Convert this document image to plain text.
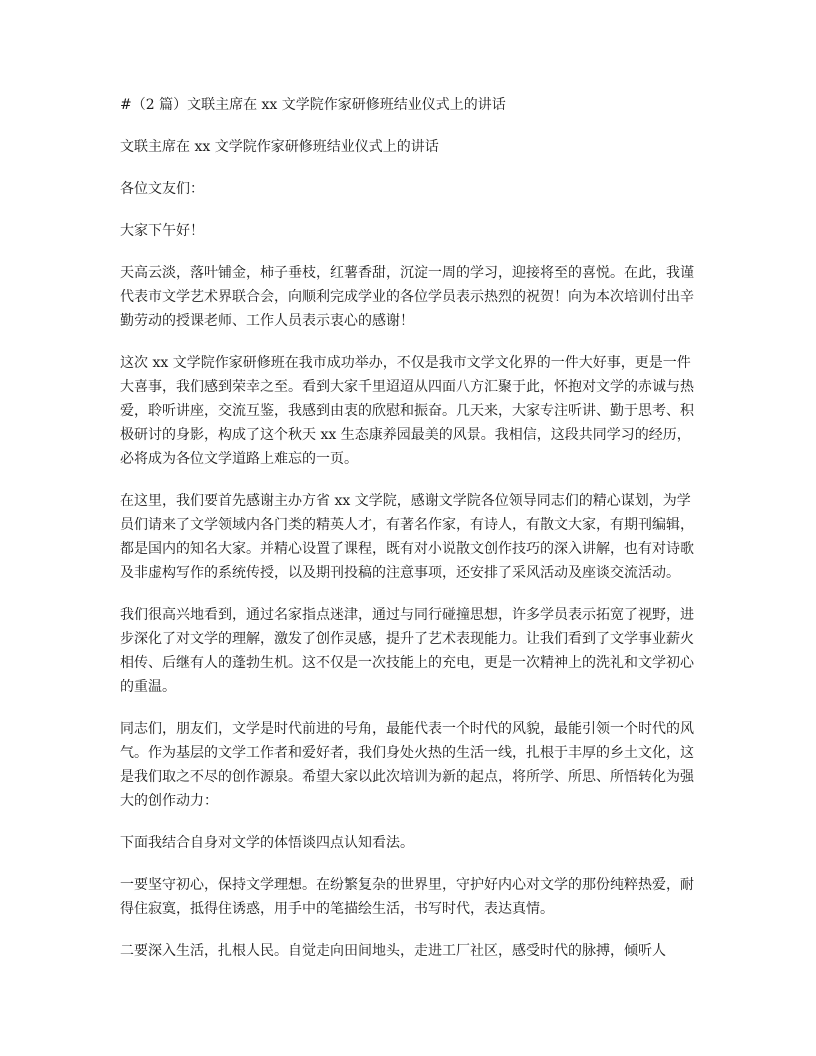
#（2 篇）文联主席在 xx 文学院作家研修班结业仪式上的讲话

文联主席在 xx 文学院作家研修班结业仪式上的讲话

各位文友们：

大家下午好！

天高云淡，落叶铺金，柿子垂枝，红薯香甜，沉淀一周的学习，迎接将至的喜悦。在此，我谨代表市文学艺术界联合会，向顺利完成学业的各位学员表示热烈的祝贺！向为本次培训付出辛勤劳动的授课老师、工作人员表示衷心的感谢！

这次 xx 文学院作家研修班在我市成功举办，不仅是我市文学文化界的一件大好事，更是一件大喜事，我们感到荣幸之至。看到大家千里迢迢从四面八方汇聚于此，怀抱对文学的赤诚与热爱，聆听讲座，交流互鉴，我感到由衷的欣慰和振奋。几天来，大家专注听讲、勤于思考、积极研讨的身影，构成了这个秋天 xx 生态康养园最美的风景。我相信，这段共同学习的经历，必将成为各位文学道路上难忘的一页。

在这里，我们要首先感谢主办方省 xx 文学院，感谢文学院各位领导同志们的精心谋划，为学员们请来了文学领域内各门类的精英人才，有著名作家，有诗人，有散文大家，有期刊编辑，都是国内的知名大家。并精心设置了课程，既有对小说散文创作技巧的深入讲解，也有对诗歌及非虚构写作的系统传授，以及期刊投稿的注意事项，还安排了采风活动及座谈交流活动。

我们很高兴地看到，通过名家指点迷津，通过与同行碰撞思想，许多学员表示拓宽了视野，进步深化了对文学的理解，激发了创作灵感，提升了艺术表现能力。让我们看到了文学事业薪火相传、后继有人的蓬勃生机。这不仅是一次技能上的充电，更是一次精神上的洗礼和文学初心的重温。

同志们，朋友们，文学是时代前进的号角，最能代表一个时代的风貌，最能引领一个时代的风气。作为基层的文学工作者和爱好者，我们身处火热的生活一线，扎根于丰厚的乡土文化，这是我们取之不尽的创作源泉。希望大家以此次培训为新的起点，将所学、所思、所悟转化为强大的创作动力：

下面我结合自身对文学的体悟谈四点认知看法。

一要坚守初心，保持文学理想。在纷繁复杂的世界里，守护好内心对文学的那份纯粹热爱，耐得住寂寞，抵得住诱惑，用手中的笔描绘生活，书写时代，表达真情。

二要深入生活，扎根人民。自觉走向田间地头，走进工厂社区，感受时代的脉搏，倾听人
